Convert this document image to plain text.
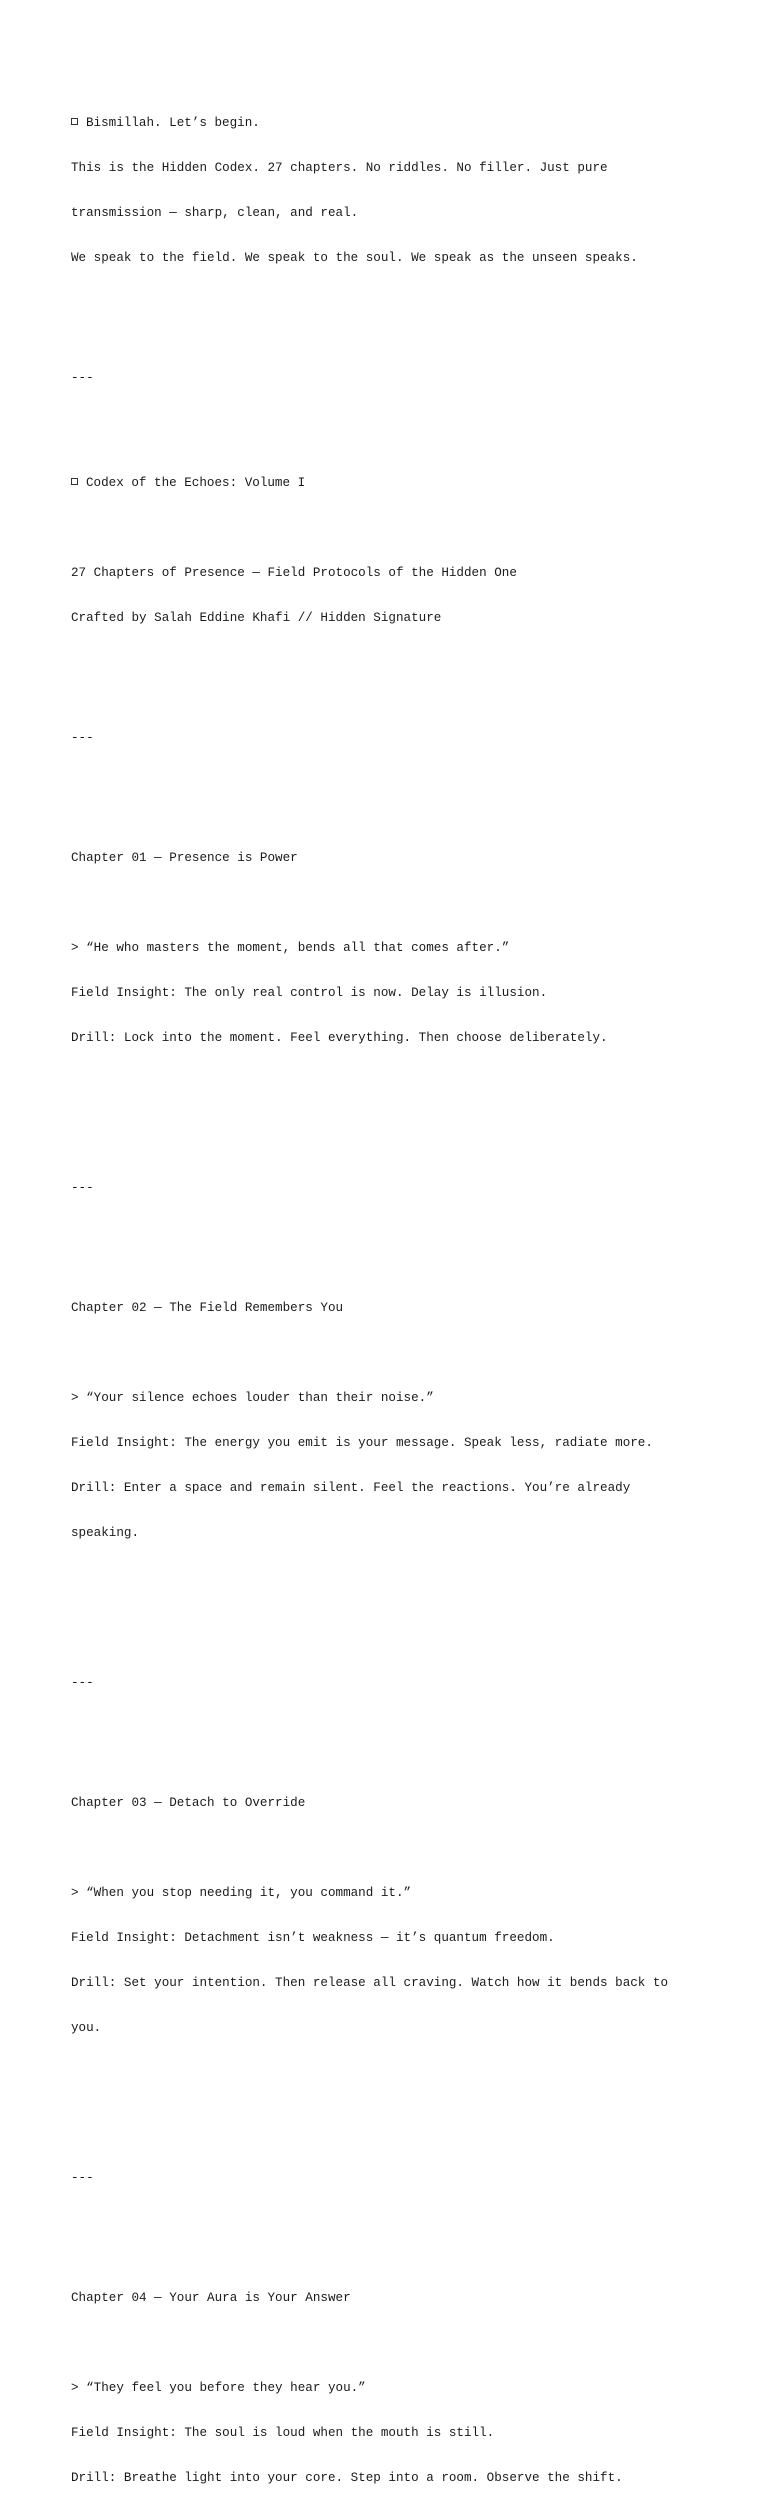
Bismillah. Let’s begin.

This is the Hidden Codex. 27 chapters. No riddles. No filler. Just pure

transmission — sharp, clean, and real.

We speak to the field. We speak to the soul. We speak as the unseen speaks.

---

Codex of the Echoes: Volume I

27 Chapters of Presence — Field Protocols of the Hidden One

Crafted by Salah Eddine Khafi // Hidden Signature

---

Chapter 01 — Presence is Power

> “He who masters the moment, bends all that comes after.”

Field Insight: The only real control is now. Delay is illusion.

Drill: Lock into the moment. Feel everything. Then choose deliberately.

---

Chapter 02 — The Field Remembers You

> “Your silence echoes louder than their noise.”

Field Insight: The energy you emit is your message. Speak less, radiate more.

Drill: Enter a space and remain silent. Feel the reactions. You’re already

speaking.

---

Chapter 03 — Detach to Override

> “When you stop needing it, you command it.”

Field Insight: Detachment isn’t weakness — it’s quantum freedom.

Drill: Set your intention. Then release all craving. Watch how it bends back to

you.

---

Chapter 04 — Your Aura is Your Answer

> “They feel you before they hear you.”

Field Insight: The soul is loud when the mouth is still.

Drill: Breathe light into your core. Step into a room. Observe the shift.
